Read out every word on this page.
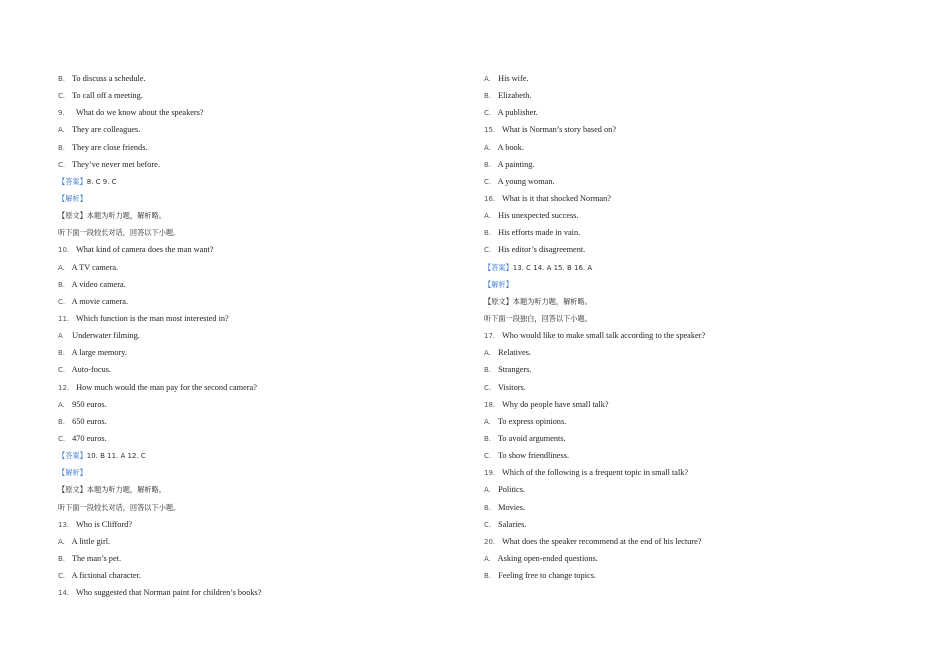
B. To discuss a schedule.
C. To call off a meeting.
9. What do we know about the speakers?
A. They are colleagues.
B. They are close friends.
C. They’ve never met before.
【答案】8. C 9. C
【解析】
【原文】本题为听力题，解析略。
听下面一段较长对话，回答以下小题。
10. What kind of camera does the man want?
A. A TV camera.
B. A video camera.
C. A movie camera.
11. Which function is the man most interested in?
A Underwater filming.
B. A large memory.
C. Auto-focus.
12. How much would the man pay for the second camera?
A. 950 euros.
B. 650 euros.
C. 470 euros.
【答案】10. B 11. A 12. C
【解析】
【原文】本题为听力题，解析略。
听下面一段较长对话，回答以下小题。
13. Who is Clifford?
A. A little girl.
B. The man’s pet.
C. A fictional character.
14. Who suggested that Norman paint for children’s books?
A. His wife.
B. Elizabeth.
C. A publisher.
15. What is Norman’s story based on?
A. A book.
B. A painting.
C. A young woman.
16. What is it that shocked Norman?
A. His unexpected success.
B. His efforts made in vain.
C. His editor’s disagreement.
【答案】13. C 14. A 15. B 16. A
【解析】
【原文】本题为听力题，解析略。
听下面一段独白，回答以下小题。
17. Who would like to make small talk according to the speaker?
A. Relatives.
B. Strangers.
C. Visitors.
18. Why do people have small talk?
A. To express opinions.
B. To avoid arguments.
C. To show friendliness.
19. Which of the following is a frequent topic in small talk?
A. Politics.
B. Movies.
C. Salaries.
20. What does the speaker recommend at the end of his lecture?
A. Asking open-ended questions.
B. Feeling free to change topics.
